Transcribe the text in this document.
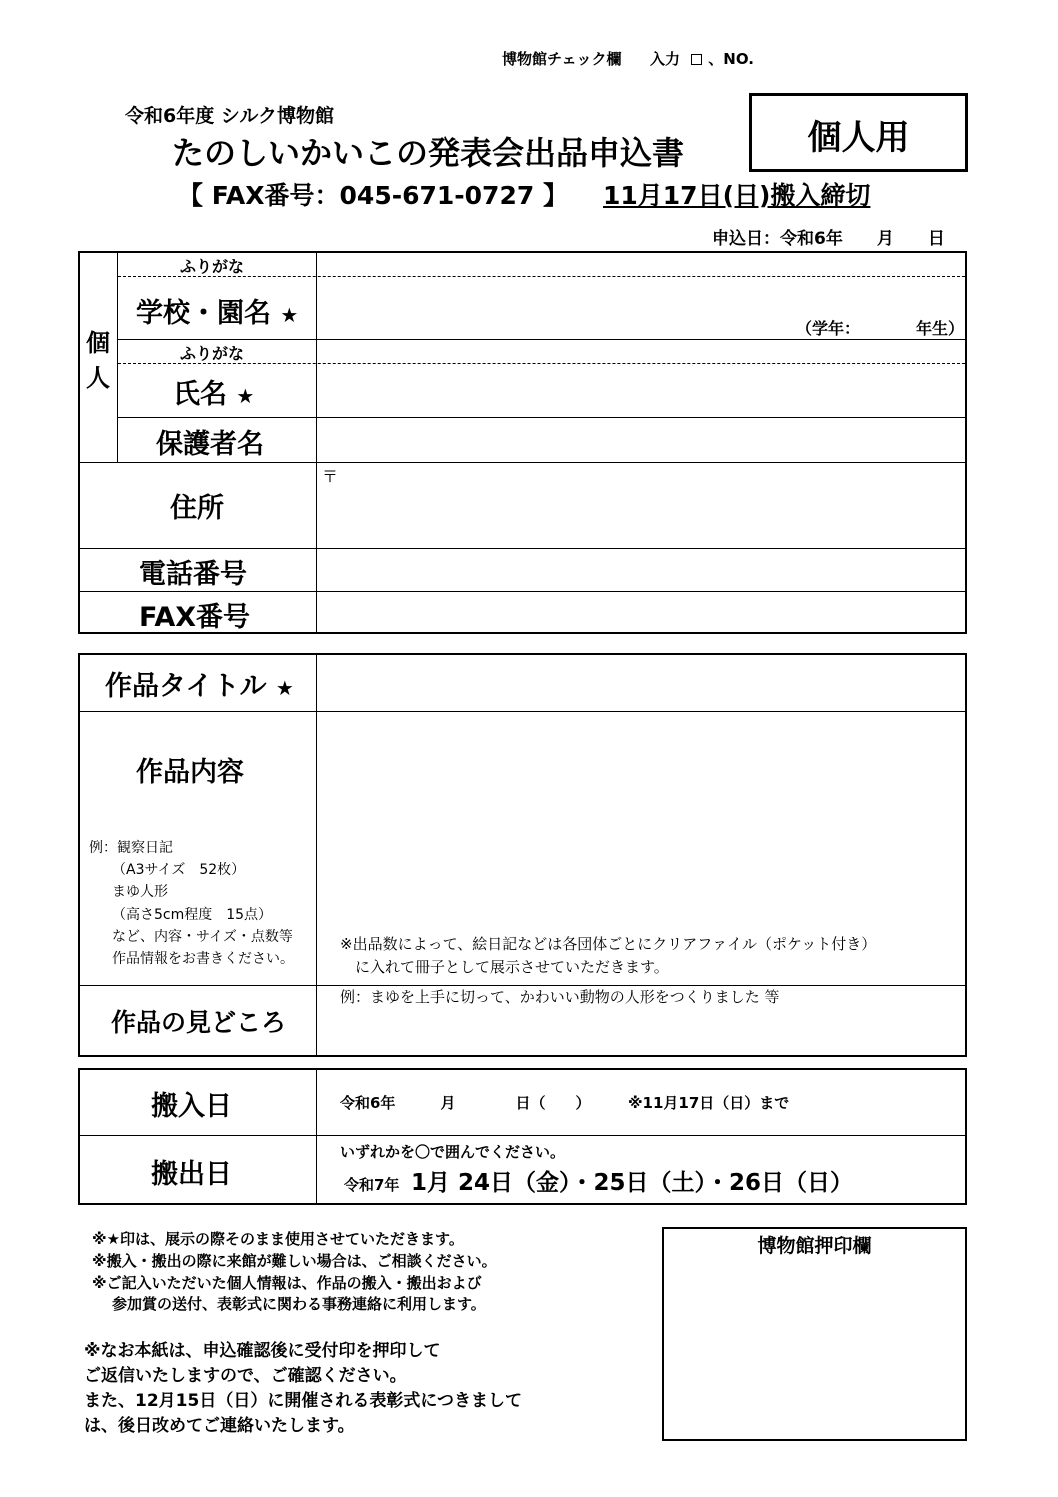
博物館チェック欄 入力 、NO.
令和6年度 シルク博物館
たのしいかいこの発表会出品申込書	個人用
【 FAX番号：045-671-0727 】 11月17日(日)搬入締切
申込日：令和6年　　月　　日
個
人
ふりがな
学校・園名 ★
（学年：　　　　年生）
ふりがな
氏名 ★
保護者名
住所
〒
電話番号
FAX番号
作品タイトル ★
作品内容
例：観察日記
（A3サイズ　52枚）
まゆ人形
（高さ5cm程度　15点）
など、内容・サイズ・点数等
作品情報をお書きください。
※出品数によって、絵日記などは各団体ごとにクリアファイル（ポケット付き）
に入れて冊子として展示させていただきます。
作品の見どころ
例：まゆを上手に切って、かわいい動物の人形をつくりました 等
搬入日	令和6年　　　月　　　　日（　　）　　　※11月17日（日）まで
搬出日
いずれかを〇で囲んでください。
令和7年 1月 24日（金）・25日（土）・26日（日）
※★印は、展示の際そのまま使用させていただきます。
※搬入・搬出の際に来館が難しい場合は、ご相談ください。
※ご記入いただいた個人情報は、作品の搬入・搬出および
参加賞の送付、表彰式に関わる事務連絡に利用します。
※なお本紙は、申込確認後に受付印を押印して
ご返信いたしますので、ご確認ください。
また、12月15日（日）に開催される表彰式につきまして
は、後日改めてご連絡いたします。
博物館押印欄
